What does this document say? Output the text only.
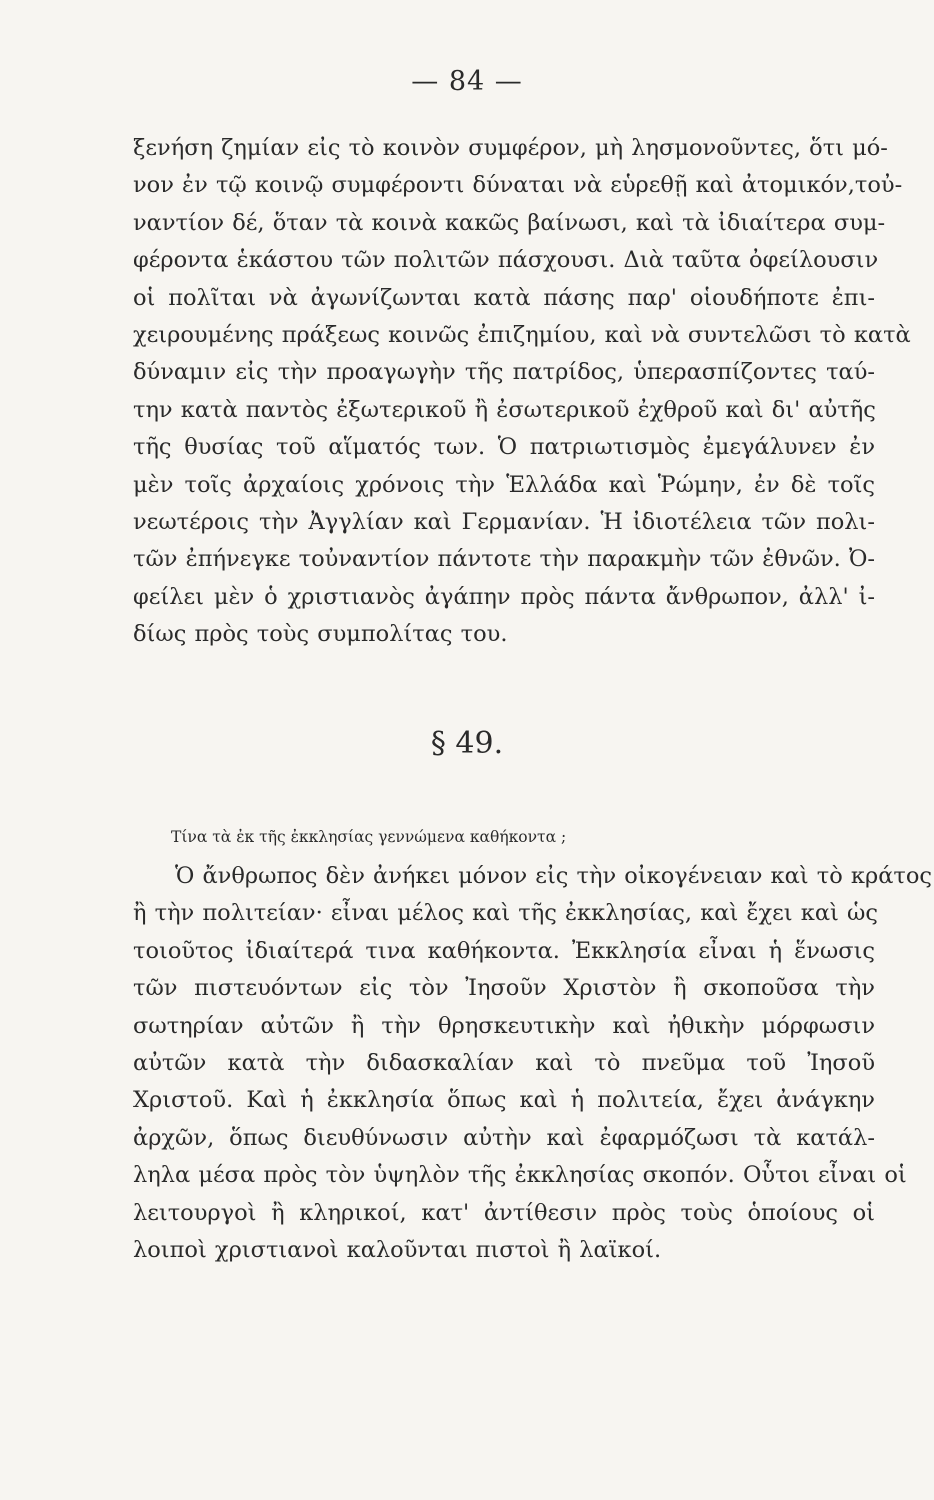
— 84 —
ξενήση ζημίαν εἰς τὸ κοινὸν συμφέρον, μὴ λησμονοῦντες, ὅτι μό-
νον ἐν τῷ κοινῷ συμφέροντι δύναται νὰ εὑρεθῇ καὶ ἀτομικόν,τοὐ-
ναντίον δέ, ὅταν τὰ κοινὰ κακῶς βαίνωσι, καὶ τὰ ἰδιαίτερα συμ-
φέροντα ἑκάστου τῶν πολιτῶν πάσχουσι. Διὰ ταῦτα ὀφείλουσιν
οἱ πολῖται νὰ ἀγωνίζωνται κατὰ πάσης παρ' οἱουδήποτε ἐπι-
χειρουμένης πράξεως κοινῶς ἐπιζημίου, καὶ νὰ συντελῶσι τὸ κατὰ
δύναμιν εἰς τὴν προαγωγὴν τῆς πατρίδος, ὑπερασπίζοντες ταύ-
την κατὰ παντὸς ἐξωτερικοῦ ἢ ἐσωτερικοῦ ἐχθροῦ καὶ δι' αὐτῆς
τῆς θυσίας τοῦ αἵματός των. Ὁ πατριωτισμὸς ἐμεγάλυνεν ἐν
μὲν τοῖς ἀρχαίοις χρόνοις τὴν Ἑλλάδα καὶ Ῥώμην, ἐν δὲ τοῖς
νεωτέροις τὴν Ἀγγλίαν καὶ Γερμανίαν. Ἡ ἰδιοτέλεια τῶν πολι-
τῶν ἐπήνεγκε τοὐναντίον πάντοτε τὴν παρακμὴν τῶν ἐθνῶν. Ὀ-
φείλει μὲν ὁ χριστιανὸς ἀγάπην πρὸς πάντα ἄνθρωπον, ἀλλ' ἰ-
δίως πρὸς τοὺς συμπολίτας του.
§ 49.
Τίνα τὰ ἐκ τῆς ἐκκλησίας γεννώμενα καθήκοντα ;
Ὁ ἄνθρωπος δὲν ἀνήκει μόνον εἰς τὴν οἰκογένειαν καὶ τὸ κράτος
ἢ τὴν πολιτείαν· εἶναι μέλος καὶ τῆς ἐκκλησίας, καὶ ἔχει καὶ ὡς
τοιοῦτος ἰδιαίτερά τινα καθήκοντα. Ἐκκλησία εἶναι ἡ ἕνωσις
τῶν πιστευόντων εἰς τὸν Ἰησοῦν Χριστὸν ἢ σκοποῦσα τὴν
σωτηρίαν αὐτῶν ἢ τὴν θρησκευτικὴν καὶ ἠθικὴν μόρφωσιν
αὐτῶν κατὰ τὴν διδασκαλίαν καὶ τὸ πνεῦμα τοῦ Ἰησοῦ
Χριστοῦ. Καὶ ἡ ἐκκλησία ὅπως καὶ ἡ πολιτεία, ἔχει ἀνάγκην
ἀρχῶν, ὅπως διευθύνωσιν αὐτὴν καὶ ἐφαρμόζωσι τὰ κατάλ-
ληλα μέσα πρὸς τὸν ὑψηλὸν τῆς ἐκκλησίας σκοπόν. Οὗτοι εἶναι οἱ
λειτουργοὶ ἢ κληρικοί, κατ' ἀντίθεσιν πρὸς τοὺς ὁποίους οἱ
λοιποὶ χριστιανοὶ καλοῦνται πιστοὶ ἢ λαϊκοί.
